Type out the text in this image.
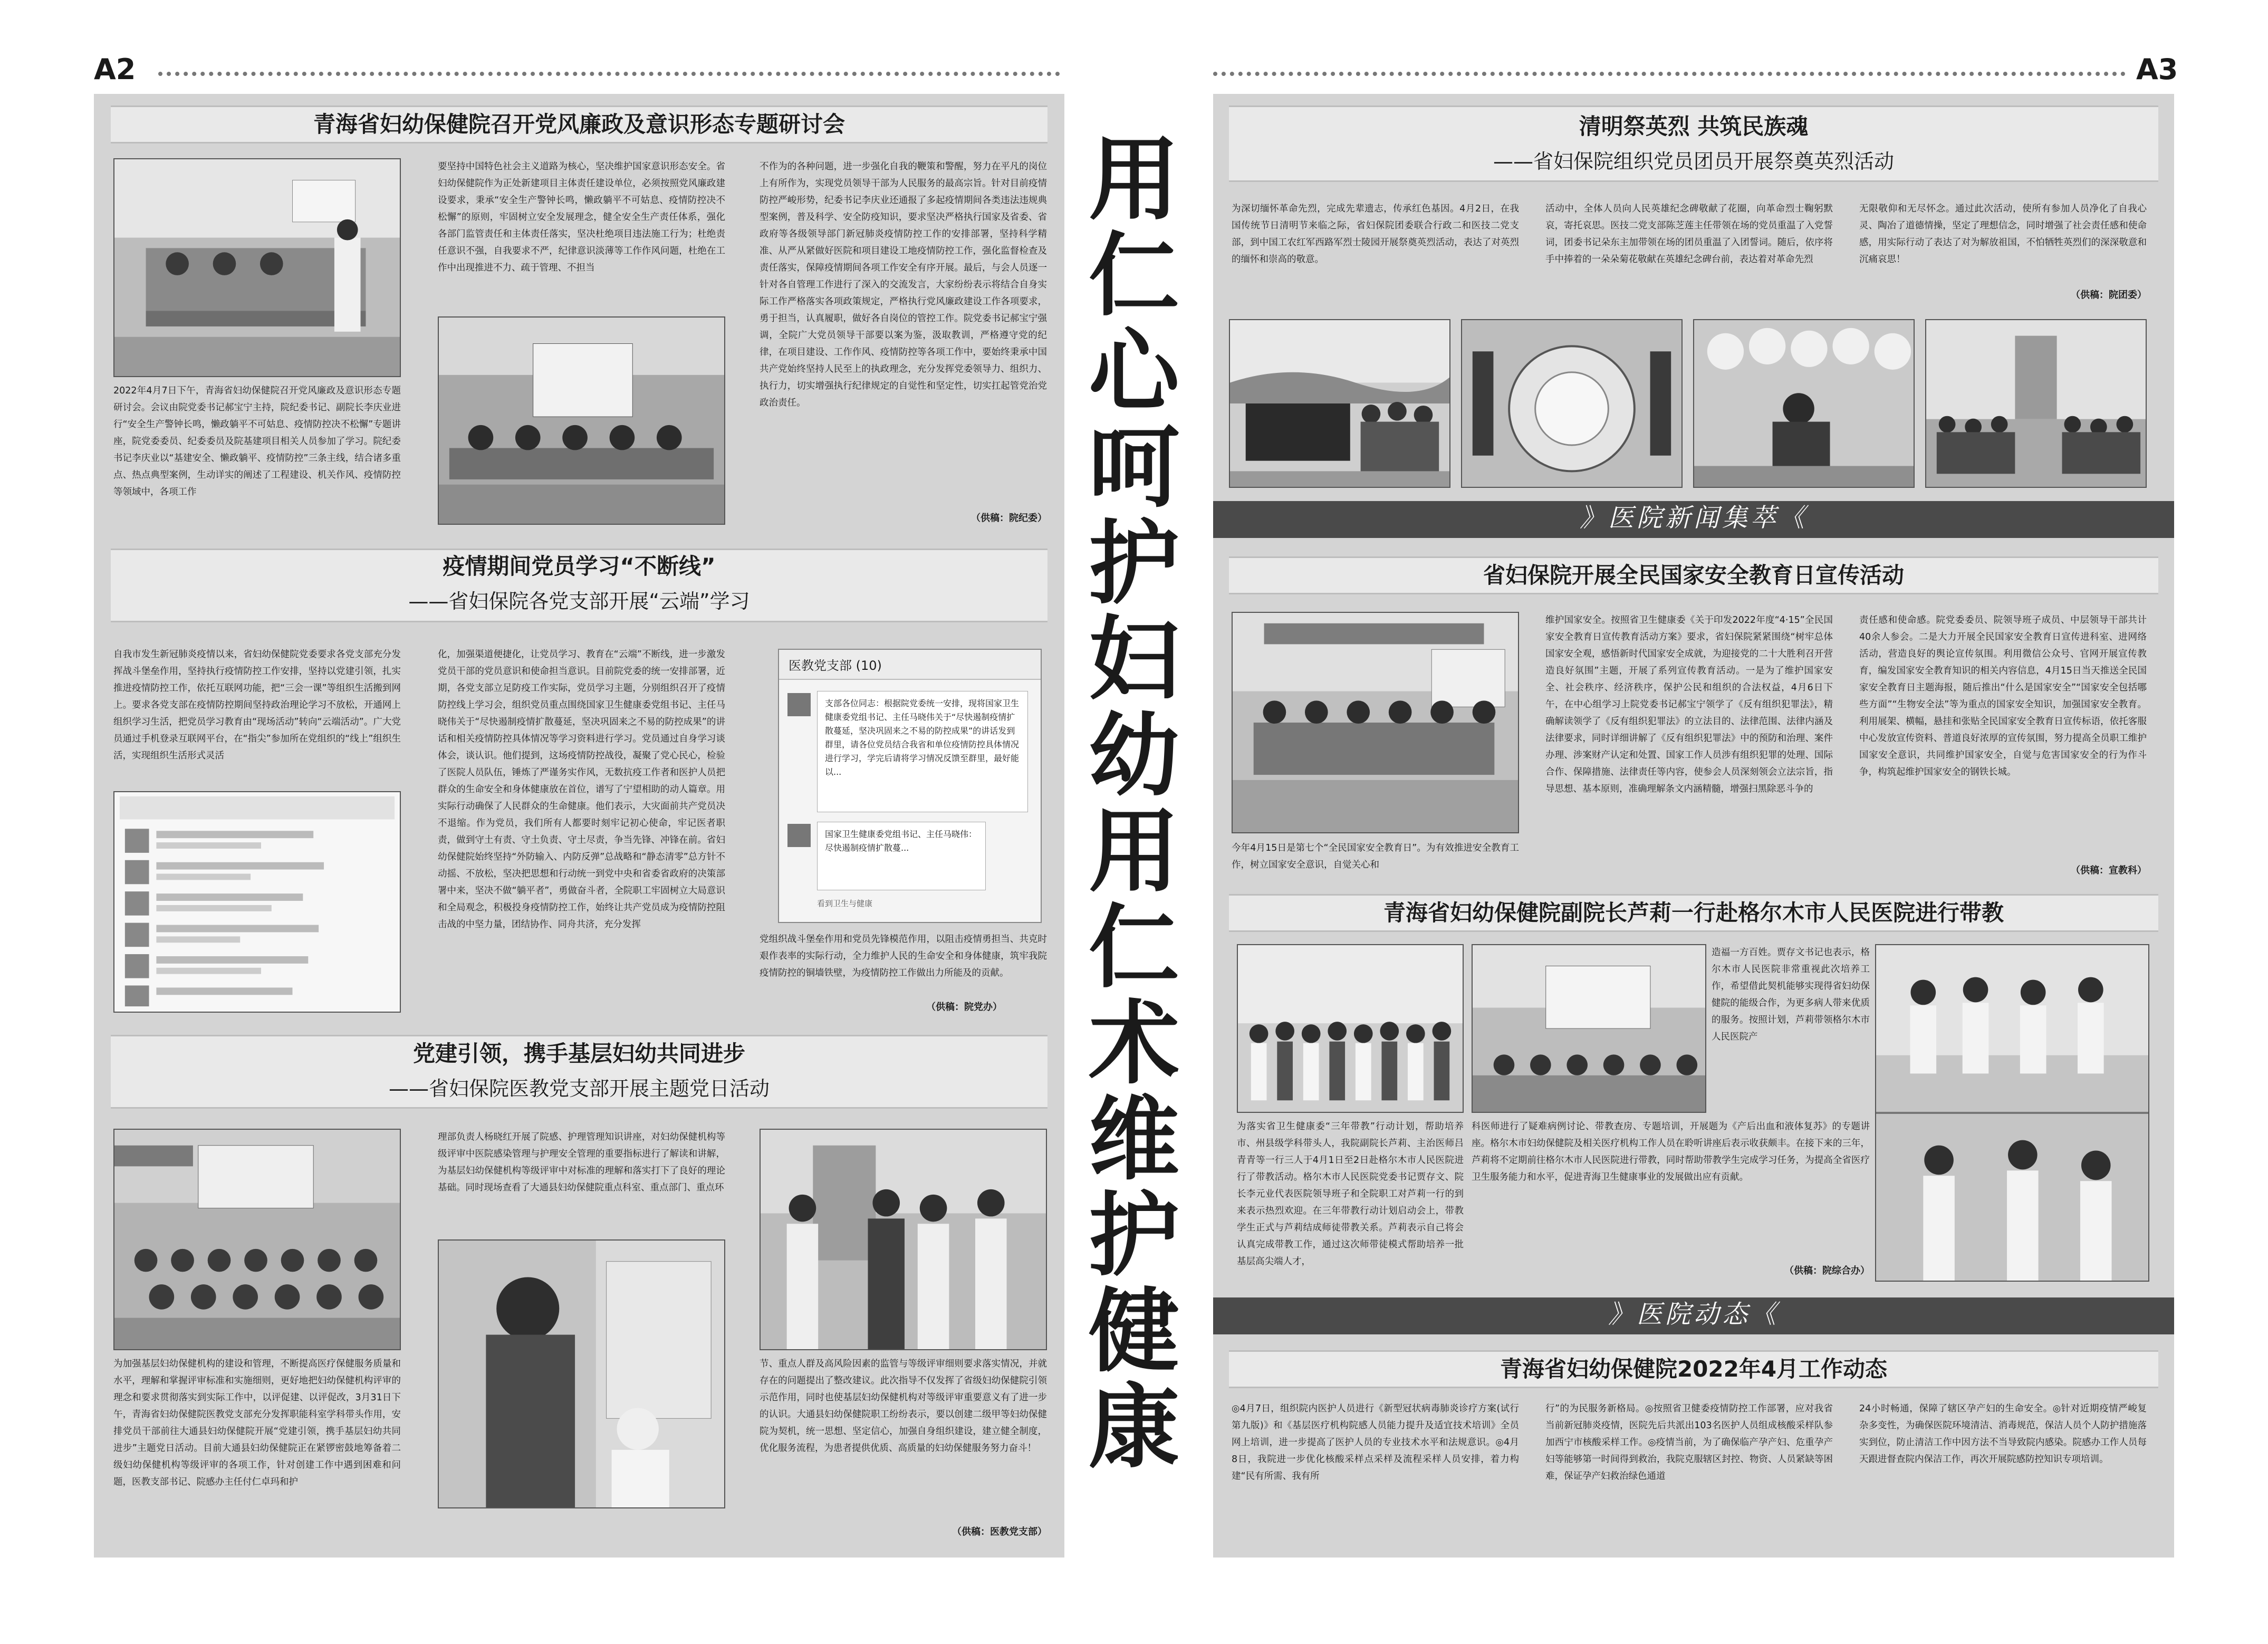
A2	A3
青海省妇幼保健院召开党风廉政及意识形态专题研讨会
2022年4月7日下午，青海省妇幼保健院召开党风廉政及意识形态专题研讨会。会议由院党委书记郝宝宁主持，院纪委书记、副院长李庆业进行“安全生产警钟长鸣，懒政躺平不可姑息、疫情防控决不松懈”专题讲座，院党委委员、纪委委员及院基建项目相关人员参加了学习。院纪委书记李庆业以“基建安全、懒政躺平、疫情防控”三条主线，结合诸多重点、热点典型案例，生动详实的阐述了工程建设、机关作风、疫情防控等领域中，各项工作
要坚持中国特色社会主义道路为核心，坚决维护国家意识形态安全。省妇幼保健院作为正处新建项目主体责任建设单位，必须按照党风廉政建设要求，秉承“安全生产警钟长鸣，懒政躺平不可姑息、疫情防控决不松懈”的原则，牢固树立安全发展理念，健全安全生产责任体系，强化各部门监管责任和主体责任落实，坚决杜绝项目违法施工行为；杜绝责任意识不强，自我要求不严，纪律意识淡薄等工作作风问题，杜绝在工作中出现推进不力、疏于管理、不担当
不作为的各种问题，进一步强化自我的鞭策和警醒，努力在平凡的岗位上有所作为，实现党员领导干部为人民服务的最高宗旨。针对目前疫情防控严峻形势，纪委书记李庆业还通报了多起疫情期间各类违法违规典型案例，普及科学、安全防疫知识，要求坚决严格执行国家及省委、省政府等各级领导部门新冠肺炎疫情防控工作的安排部署，坚持科学精准、从严从紧做好医院和项目建设工地疫情防控工作，强化监督检查及责任落实，保障疫情期间各项工作安全有序开展。最后，与会人员逐一针对各自管理工作进行了深入的交流发言，大家纷纷表示将结合自身实际工作严格落实各项政策规定，严格执行党风廉政建设工作各项要求，勇于担当，认真履职，做好各自岗位的管控工作。院党委书记郝宝宁强调，全院广大党员领导干部要以案为鉴，汲取教训，严格遵守党的纪律，在项目建设、工作作风、疫情防控等各项工作中，要始终秉承中国共产党始终坚持人民至上的执政理念，充分发挥党委领导力、组织力、执行力，切实增强执行纪律规定的自觉性和坚定性，切实扛起管党治党政治责任。
（供稿：院纪委）
疫情期间党员学习“不断线”
——省妇保院各党支部开展“云端”学习
自我市发生新冠肺炎疫情以来，省妇幼保健院党委要求各党支部充分发挥战斗堡垒作用，坚持执行疫情防控工作安排，坚持以党建引领，扎实推进疫情防控工作，依托互联网功能，把“三会一课”等组织生活搬到网上。要求各党支部在疫情防控期间坚持政治理论学习不放松，开通网上组织学习生活，把党员学习教育由“现场活动”转向“云端活动”。广大党员通过手机登录互联网平台，在“指尖”参加所在党组织的“线上”组织生活，实现组织生活形式灵活
化，加强渠道便捷化，让党员学习、教育在“云端”不断线，进一步激发党员干部的党员意识和使命担当意识。目前院党委的统一安排部署，近期，各党支部立足防疫工作实际，党员学习主题，分别组织召开了疫情防控线上学习会，组织党员重点围绕国家卫生健康委党组书记、主任马晓伟关于“尽快遏制疫情扩散蔓延，坚决巩固来之不易的防控成果”的讲话和相关疫情防控具体情况等学习资料进行学习。党员通过自身学习谈体会，谈认识。他们提到，这场疫情防控战役，凝聚了党心民心，检验了医院人员队伍，锤炼了严谨务实作风，无数抗疫工作者和医护人员把群众的生命安全和身体健康放在首位，谱写了宁望相助的动人篇章。用实际行动确保了人民群众的生命健康。他们表示，大灾面前共产党员决不退缩。作为党员，我们所有人都要时刻牢记初心使命，牢记医者职责，做到守土有责、守土负责、守土尽责，争当先锋、冲锋在前。省妇幼保健院始终坚持“外防输入、内防反弹”总战略和“静态清零”总方针不动摇、不放松，坚决把思想和行动统一到党中央和省委省政府的决策部署中来，坚决不做“躺平者”，勇做奋斗者，全院职工牢固树立大局意识和全局观念，积极投身疫情防控工作，始终让共产党员成为疫情防控阻击战的中坚力量，团结协作、同舟共济，充分发挥
医教党支部 (10)
支部各位同志：根据院党委统一安排，现将国家卫生健康委党组书记、主任马晓伟关于“尽快遏制疫情扩散蔓延，坚决巩固来之不易的防控成果”的讲话发到群里，请各位党员结合我省和单位疫情防控具体情况进行学习，学完后请将学习情况反馈至群里，最好能以...
国家卫生健康委党组书记、主任马晓伟：尽快遏制疫情扩散蔓...
看到卫生与健康
党组织战斗堡垒作用和党员先锋模范作用，以阻击疫情勇担当、共克时艰作表率的实际行动，全力维护人民的生命安全和身体健康，筑牢我院疫情防控的铜墙铁壁，为疫情防控工作做出力所能及的贡献。
（供稿：院党办）
党建引领，携手基层妇幼共同进步
——省妇保院医教党支部开展主题党日活动
为加强基层妇幼保健机构的建设和管理，不断提高医疗保健服务质量和水平，理解和掌握评审标准和实施细则，更好地把妇幼保健机构评审的理念和要求贯彻落实到实际工作中，以评促建、以评促改，3月31日下午，青海省妇幼保健院医教党支部充分发挥职能科室学科带头作用，安排党员干部前往大通县妇幼保健院开展“党建引领，携手基层妇幼共同进步”主题党日活动。目前大通县妇幼保健院正在紧锣密鼓地筹备着二级妇幼保健机构等级评审的各项工作，针对创建工作中遇到困难和问题，医教支部书记、院感办主任付仁卓玛和护
理部负责人杨晓红开展了院感、护理管理知识讲座，对妇幼保健机构等级评审中医院感染管理与护理安全管理的重要指标进行了解读和讲解，为基层妇幼保健机构等级评审中对标准的理解和落实打下了良好的理论基础。同时现场查看了大通县妇幼保健院重点科室、重点部门、重点环
节、重点人群及高风险因素的监管与等级评审细则要求落实情况，并就存在的问题提出了整改建议。此次指导不仅发挥了省级妇幼保健院引领示范作用，同时也使基层妇幼保健机构对等级评审重要意义有了进一步的认识。大通县妇幼保健院职工纷纷表示，要以创建二级甲等妇幼保健院为契机，统一思想、坚定信心，加强自身组织建设，建立健全制度，优化服务流程，为患者提供优质、高质量的妇幼保健服务努力奋斗！
（供稿：医教党支部）
用仁心呵护妇幼 用仁术维护健康
清明祭英烈 共筑民族魂
——省妇保院组织党员团员开展祭奠英烈活动
为深切缅怀革命先烈，完成先辈遗志，传承红色基因。4月2日，在我国传统节日清明节来临之际，省妇保院团委联合行政二和医技二党支部，到中国工农红军西路军烈士陵园开展祭奠英烈活动，表达了对英烈的缅怀和崇高的敬意。
活动中，全体人员向人民英雄纪念碑敬献了花圈，向革命烈士鞠躬默哀，寄托哀思。医技二党支部陈芝莲主任带领在场的党员重温了入党誓词，团委书记朵东主加带领在场的团员重温了入团誓词。随后，依序将手中捧着的一朵朵菊花敬献在英雄纪念碑台前，表达着对革命先烈
无限敬仰和无尽怀念。通过此次活动，使所有参加人员净化了自我心灵、陶冶了道德情操，坚定了理想信念，同时增强了社会责任感和使命感，用实际行动了表达了对为解放祖国，不怕牺牲英烈们的深深敬意和沉痛哀思！
（供稿：院团委）
》医院新闻集萃《
省妇保院开展全民国家安全教育日宣传活动
今年4月15日是第七个“全民国家安全教育日”。为有效推进安全教育工作，树立国家安全意识，自觉关心和
维护国家安全。按照省卫生健康委《关于印发2022年度“4·15”全民国家安全教育日宣传教育活动方案》要求，省妇保院紧紧围绕“树牢总体国家安全观，感悟新时代国家安全成就，为迎接党的二十大胜利召开营造良好氛围”主题，开展了系列宣传教育活动。一是为了维护国家安全、社会秩序、经济秩序，保护公民和组织的合法权益，4月6日下午，在中心组学习上院党委书记郝宝宁领学了《反有组织犯罪法》，精确解读领学了《反有组织犯罪法》的立法目的、法律范围、法律内涵及法律要求，同时详细讲解了《反有组织犯罪法》中的预防和治理、案件办理、涉案财产认定和处置、国家工作人员涉有组织犯罪的处理、国际合作、保障措施、法律责任等内容，使参会人员深刻领会立法宗旨，指导思想、基本原则，准确理解条文内涵精髓，增强扫黑除恶斗争的
责任感和使命感。院党委委员、院领导班子成员、中层领导干部共计40余人参会。二是大力开展全民国家安全教育日宣传进科室、进网络活动，营造良好的舆论宣传氛围。利用微信公众号、官网开展宣传教育，编发国家安全教育知识的相关内容信息，4月15日当天推送全民国家安全教育日主题海报，随后推出“什么是国家安全”“国家安全包括哪些方面”“生物安全法”等为重点的国家安全知识，加强国家安全教育。利用展架、横幅，悬挂和张贴全民国家安全教育日宣传标语，依托客服中心发放宣传资料、普道良好浓厚的宣传氛围，努力提高全员职工维护国家安全意识，共同维护国家安全，自觉与危害国家安全的行为作斗争，构筑起维护国家安全的钢铁长城。
（供稿：宣教科）
青海省妇幼保健院副院长芦莉一行赴格尔木市人民医院进行带教
造福一方百姓。贾存文书记也表示，格尔木市人民医院非常重视此次培养工作，希望借此契机能够实现得省妇幼保健院的能级合作，为更多病人带来优质的服务。按照计划，芦莉带领格尔木市人民医院产
为落实省卫生健康委“三年带教”行动计划，帮助培养市、州县级学科带头人，我院副院长芦莉、主治医师吕青青等一行三人于4月1日至2日赴格尔木市人民医院进行了带教活动。格尔木市人民医院党委书记贾存文、院长李元业代表医院领导班子和全院职工对芦莉一行的到来表示热烈欢迎。在三年带教行动计划启动会上，带教学生正式与芦莉结成师徒带教关系。芦莉表示自己将会认真完成带教工作，通过这次师带徒模式帮助培养一批基层高尖端人才，
科医师进行了疑难病例讨论、带教查房、专题培训，开展题为《产后出血和液体复苏》的专题讲座。格尔木市妇幼保健院及相关医疗机构工作人员在聆听讲座后表示收获颇丰。在接下来的三年，芦莉将不定期前往格尔木市人民医院进行带教，同时帮助带教学生完成学习任务，为提高全省医疗卫生服务能力和水平，促进青海卫生健康事业的发展做出应有贡献。
（供稿：院综合办）
》医院动态《
青海省妇幼保健院2022年4月工作动态
◎4月7日，组织院内医护人员进行《新型冠状病毒肺炎诊疗方案(试行第九版)》和《基层医疗机构院感人员能力提升及适宜技术培训》全员网上培训，进一步提高了医护人员的专业技术水平和法规意识。◎4月8日，我院进一步优化核酸采样点采样及流程采样人员安排，着力构建“民有所需、我有所
行”的为民服务新格局。◎按照省卫健委疫情防控工作部署，应对我省当前新冠肺炎疫情，医院先后共派出103名医护人员组成核酸采样队参加西宁市核酸采样工作。◎疫情当前，为了确保临产孕产妇、危重孕产妇等能够第一时间得到救治，我院克服辖区封控、物资、人员紧缺等困难，保证孕产妇救治绿色通道
24小时畅通，保障了辖区孕产妇的生命安全。◎针对近期疫情严峻复杂多变性，为确保医院环境清洁、消毒规范，保洁人员个人防护措施落实到位，防止清洁工作中因方法不当导致院内感染。院感办工作人员每天跟进督查院内保洁工作，再次开展院感防控知识专项培训。
